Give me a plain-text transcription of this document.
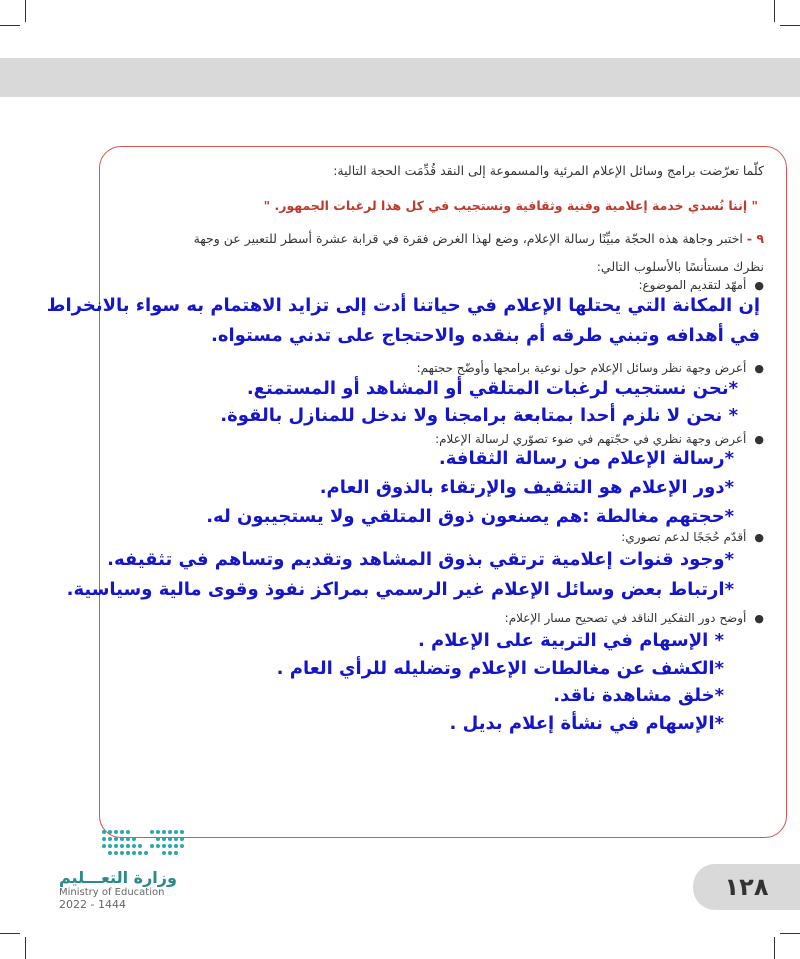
كلّما تعرّضت برامج وسائل الإعلام المرئية والمسموعة إلى النقد قُدِّمَت الحجة التالية:
" إننا نُسدي خدمة إعلامية وفنية وثقافية ونستجيب في كل هذا لرغبات الجمهور. "
٩ - اختبر وجاهة هذه الحجّة مبيِّنًا رسالة الإعلام، وضع لهذا الغرض فقرة في قرابة عشرة أسطر للتعبير عن وجهة
نظرك مستأنسًا بالأسلوب التالي:
● أمهّد لتقديم الموضوع:
إن المكانة التي يحتلها الإعلام في حياتنا أدت إلى تزايد الاهتمام به سواء بالانخراط
في أهدافه وتبني طرقه أم بنقده والاحتجاج على تدني مستواه.
● أعرض وجهة نظر وسائل الإعلام حول نوعية برامجها وأوضّح حجتهم:
*نحن نستجيب لرغبات المتلقي أو المشاهد أو المستمتع.
* نحن لا نلزم أحدا بمتابعة برامجنا ولا ندخل للمنازل بالقوة.
● أعرض وجهة نظري في حجّتهم في ضوء تصوّري لرسالة الإعلام:
*رسالة الإعلام من رسالة الثقافة.
*دور الإعلام هو التثقيف والإرتقاء بالذوق العام.
*حجتهم مغالطة :هم يصنعون ذوق المتلقي ولا يستجيبون له.
● أقدّم حُجَجًا لدعم تصوري:
*وجود قنوات إعلامية ترتقي بذوق المشاهد وتقديم وتساهم في تثقيفه.
*ارتباط بعض وسائل الإعلام غير الرسمي بمراكز نفوذ وقوى مالية وسياسية.
● أوضح دور التفكير الناقد في تصحيح مسار الإعلام:
* الإسهام في التربية على الإعلام .
*الكشف عن مغالطات الإعلام وتضليله للرأي العام .
*خلق مشاهدة ناقد.
*الإسهام في نشأة إعلام بديل .
وزارة التعـــليم
Ministry of Education
2022 - 1444
١٢٨
